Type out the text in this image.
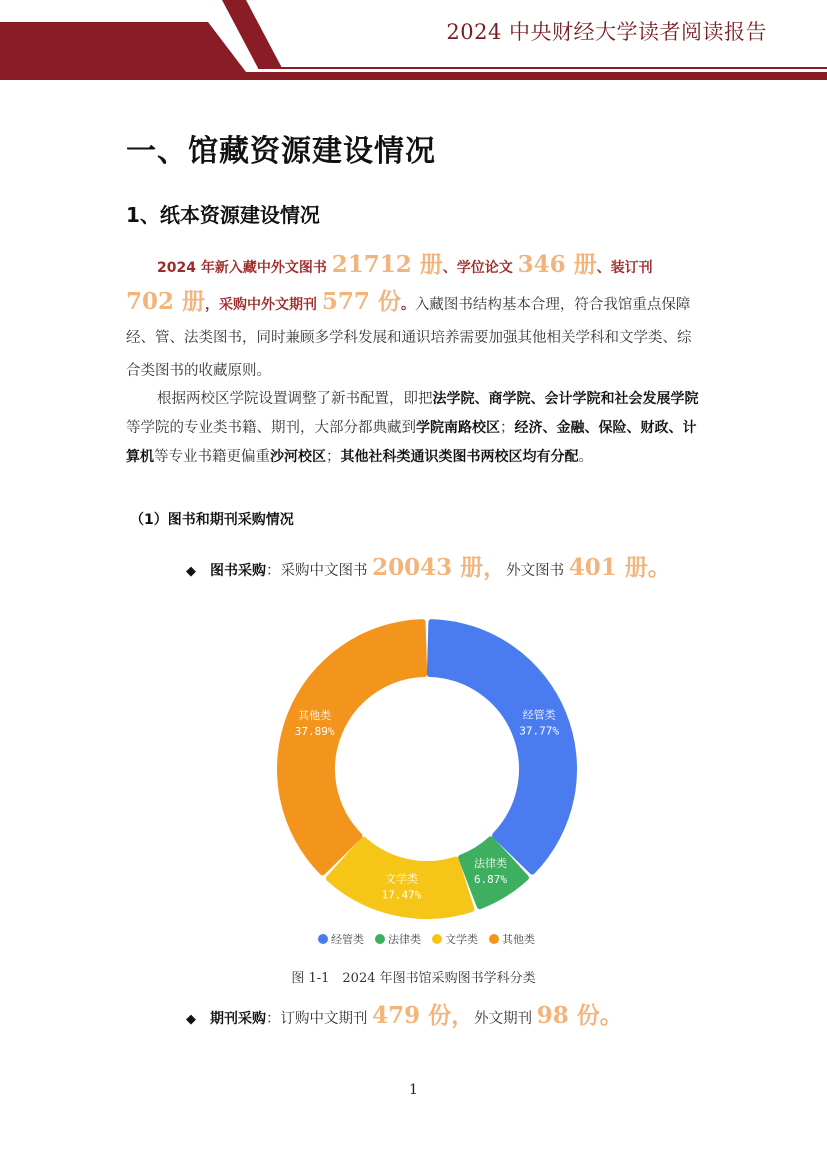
2024 中央财经大学读者阅读报告
一、馆藏资源建设情况
1、纸本资源建设情况
2024 年新入藏中外文图书 21712 册、学位论文 346 册、装订刊 702 册，采购中外文期刊 577 份。入藏图书结构基本合理，符合我馆重点保障经、管、法类图书，同时兼顾多学科发展和通识培养需要加强其他相关学科和文学类、综合类图书的收藏原则。
根据两校区学院设置调整了新书配置，即把法学院、商学院、会计学院和社会发展学院等学院的专业类书籍、期刊，大部分都典藏到学院南路校区；经济、金融、保险、财政、计算机等专业书籍更偏重沙河校区；其他社科类通识类图书两校区均有分配。
（1）图书和期刊采购情况
◆ 图书采购：采购中文图书 20043 册，外文图书 401 册。
经管类
37.77%
法律类
6.87%
文学类
17.47%
其他类
37.89%
经管类 法律类 文学类 其他类
图 1-1　2024 年图书馆采购图书学科分类
◆ 期刊采购：订购中文期刊 479 份，外文期刊 98 份。
1
